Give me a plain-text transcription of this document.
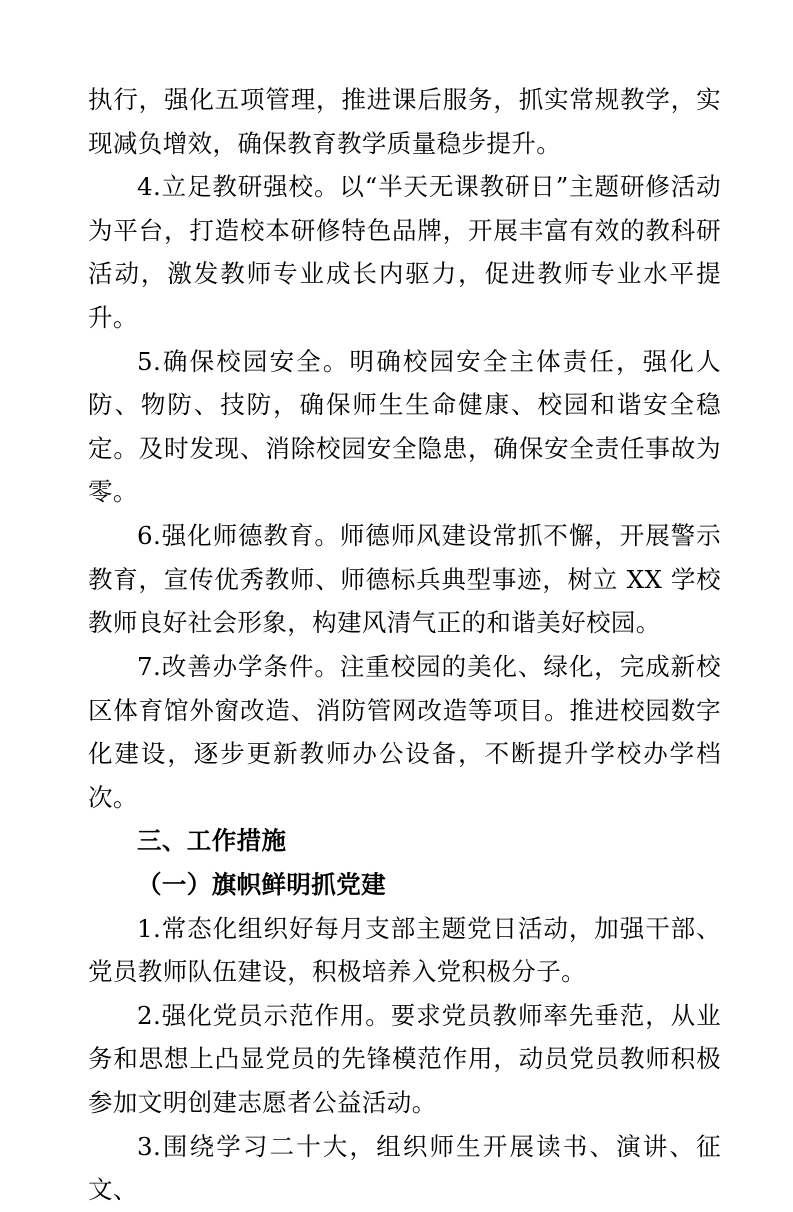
执行，强化五项管理，推进课后服务，抓实常规教学，实现减负增效，确保教育教学质量稳步提升。

4.立足教研强校。以“半天无课教研日”主题研修活动为平台，打造校本研修特色品牌，开展丰富有效的教科研活动，激发教师专业成长内驱力，促进教师专业水平提升。

5.确保校园安全。明确校园安全主体责任，强化人防、物防、技防，确保师生生命健康、校园和谐安全稳定。及时发现、消除校园安全隐患，确保安全责任事故为零。

6.强化师德教育。师德师风建设常抓不懈，开展警示教育，宣传优秀教师、师德标兵典型事迹，树立 XX 学校教师良好社会形象，构建风清气正的和谐美好校园。

7.改善办学条件。注重校园的美化、绿化，完成新校区体育馆外窗改造、消防管网改造等项目。推进校园数字化建设，逐步更新教师办公设备，不断提升学校办学档次。

三、工作措施

（一）旗帜鲜明抓党建

1.常态化组织好每月支部主题党日活动，加强干部、党员教师队伍建设，积极培养入党积极分子。

2.强化党员示范作用。要求党员教师率先垂范，从业务和思想上凸显党员的先锋模范作用，动员党员教师积极参加文明创建志愿者公益活动。

3.围绕学习二十大，组织师生开展读书、演讲、征文、
